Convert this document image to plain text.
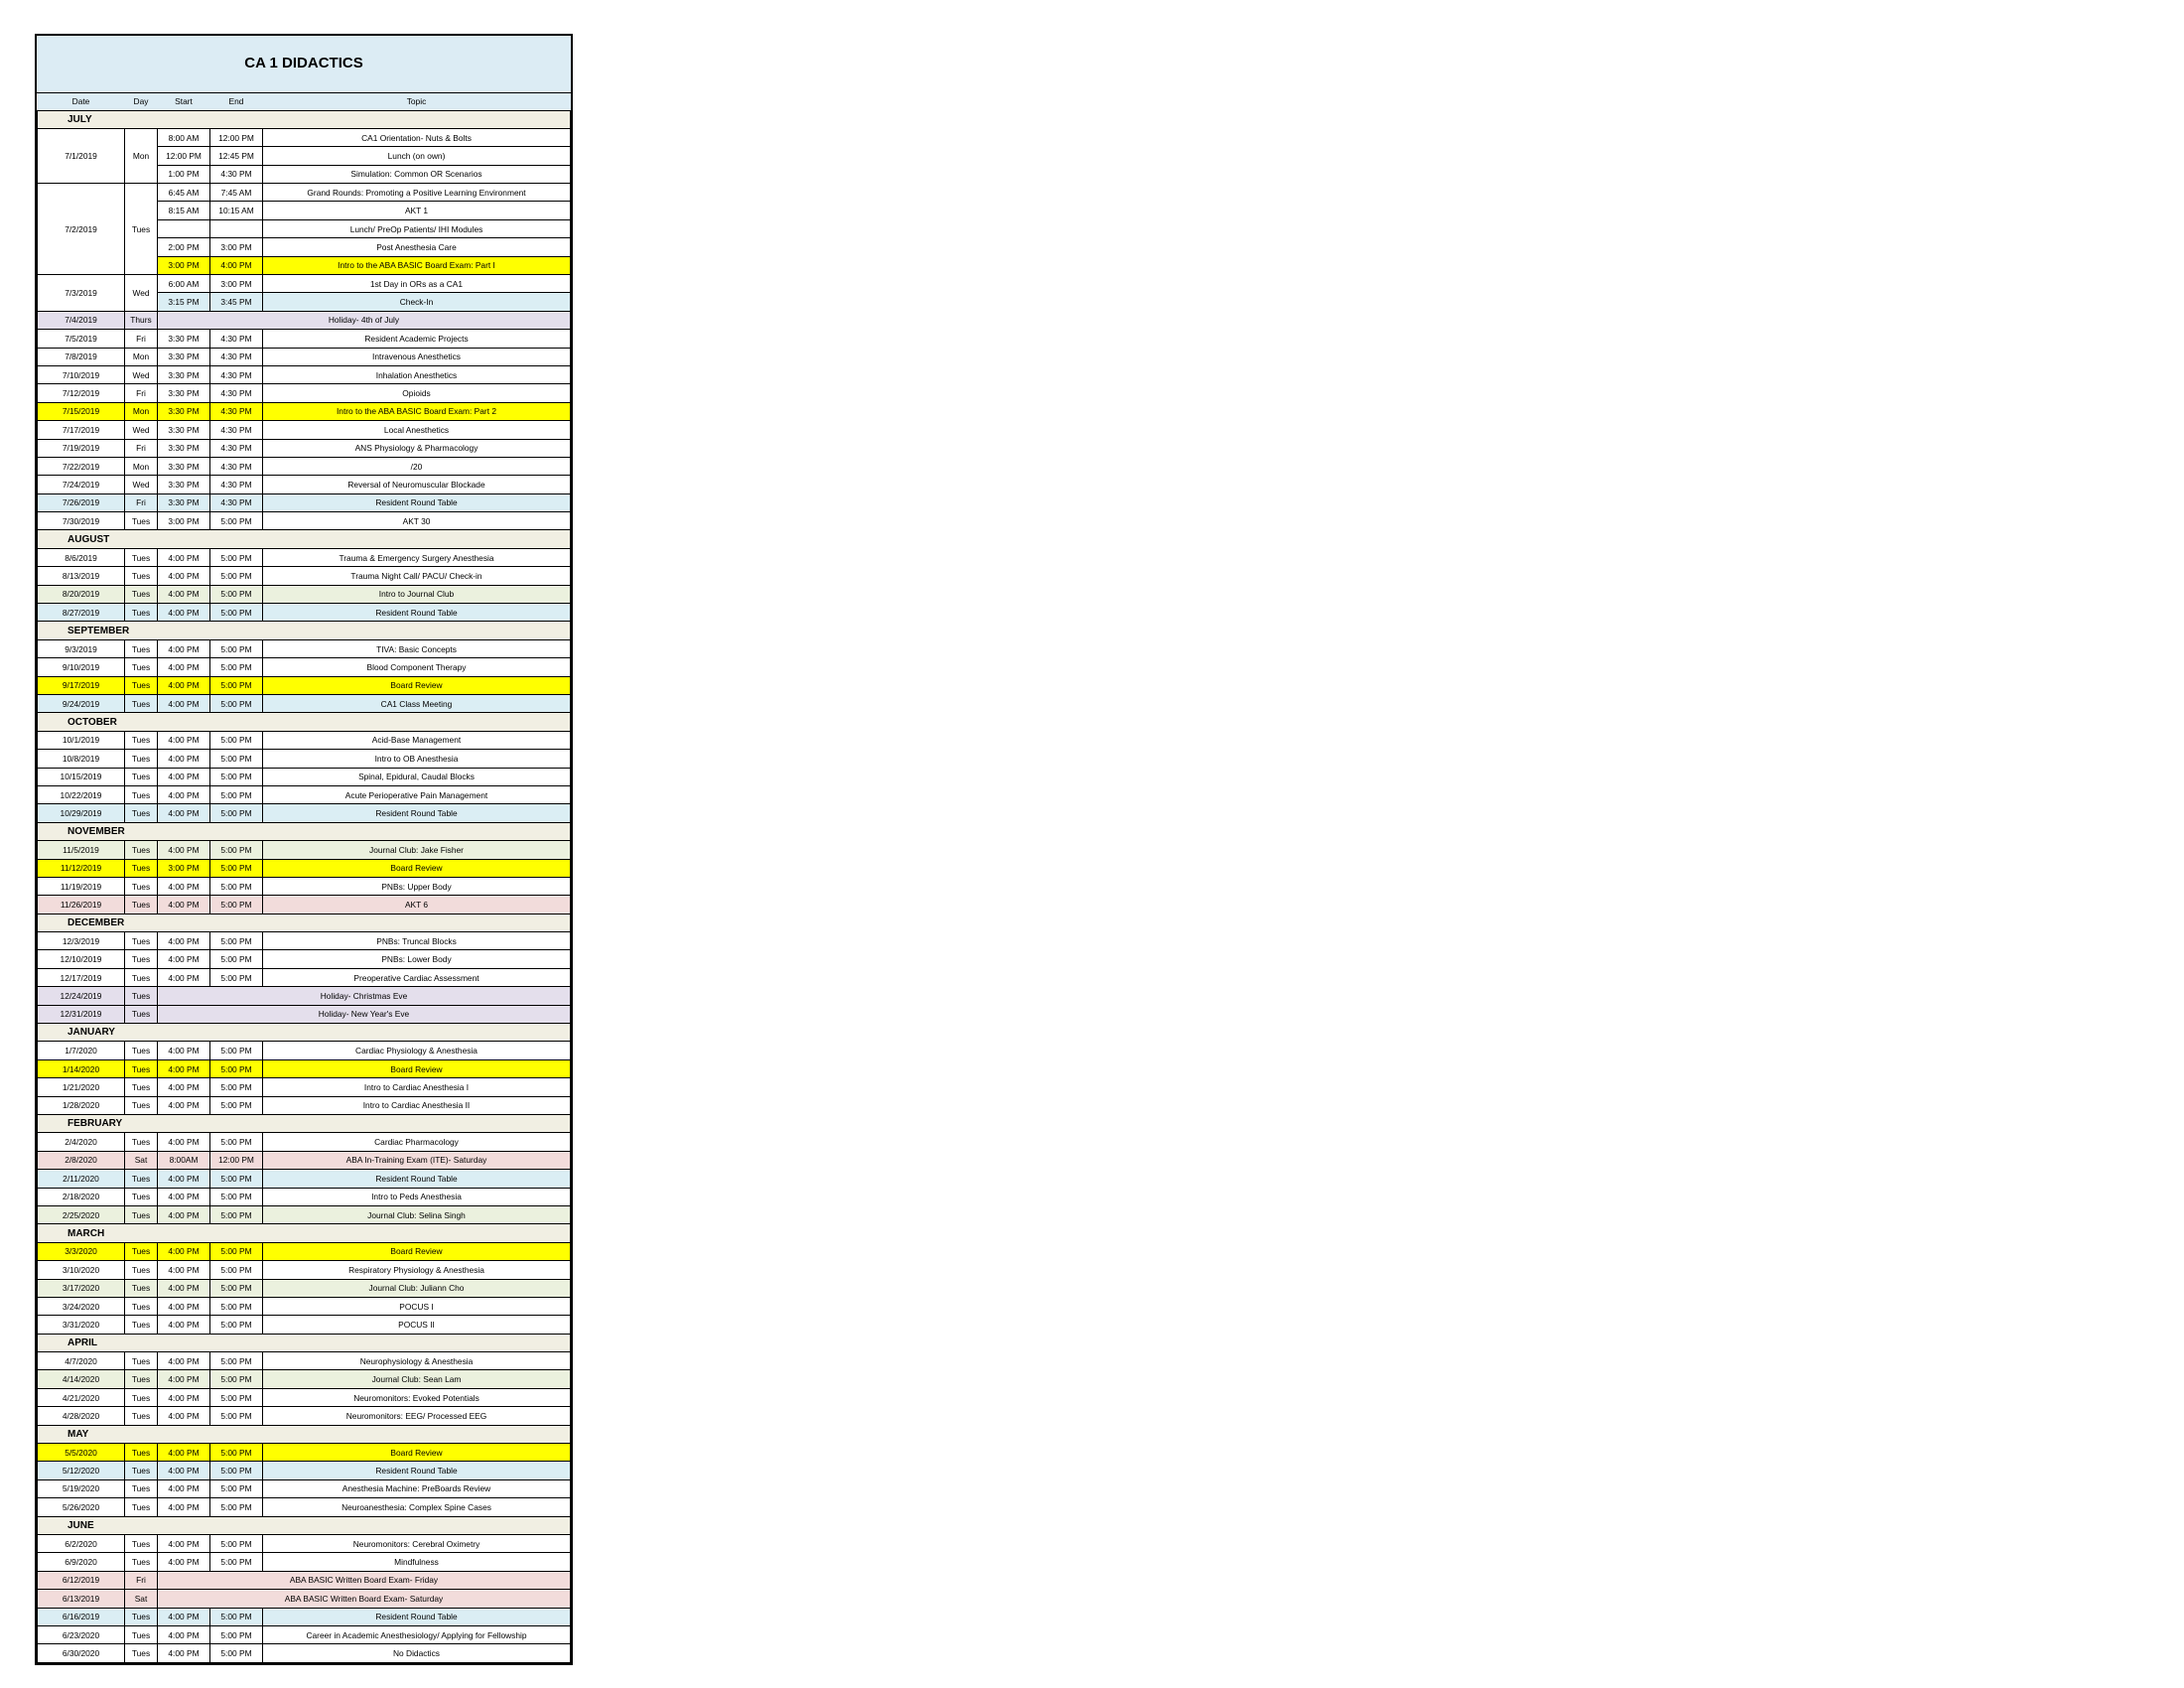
CA 1 DIDACTICS
Date	Day	Start	End	Topic
JULY				
7/1/2019	Mon	8:00 AM	12:00 PM	CA1 Orientation- Nuts & Bolts
		12:00 PM	12:45 PM	Lunch (on own)
		1:00 PM	4:30 PM	Simulation: Common OR Scenarios
7/2/2019	Tues	6:45 AM	7:45 AM	Grand Rounds: Promoting a Positive Learning Environment
		8:15 AM	10:15 AM	AKT 1
				Lunch/ PreOp Patients/ IHI Modules
		2:00 PM	3:00 PM	Post Anesthesia Care
		3:00 PM	4:00 PM	Intro to the ABA BASIC Board Exam: Part I
7/3/2019	Wed	6:00 AM	3:00 PM	1st Day in ORs as a CA1
		3:15 PM	3:45 PM	Check-In
7/4/2019	Thurs	Holiday- 4th of July		
7/5/2019	Fri	3:30 PM	4:30 PM	Resident Academic Projects
7/8/2019	Mon	3:30 PM	4:30 PM	Intravenous Anesthetics
7/10/2019	Wed	3:30 PM	4:30 PM	Inhalation Anesthetics
7/12/2019	Fri	3:30 PM	4:30 PM	Opioids
7/15/2019	Mon	3:30 PM	4:30 PM	Intro to the ABA BASIC Board Exam: Part 2
7/17/2019	Wed	3:30 PM	4:30 PM	Local Anesthetics
7/19/2019	Fri	3:30 PM	4:30 PM	ANS Physiology & Pharmacology
7/22/2019	Mon	3:30 PM	4:30 PM	/20
7/24/2019	Wed	3:30 PM	4:30 PM	Reversal of Neuromuscular Blockade
7/26/2019	Fri	3:30 PM	4:30 PM	Resident Round Table
7/30/2019	Tues	3:00 PM	5:00 PM	AKT 30
AUGUST				
8/6/2019	Tues	4:00 PM	5:00 PM	Trauma & Emergency Surgery Anesthesia
8/13/2019	Tues	4:00 PM	5:00 PM	Trauma Night Call/ PACU/ Check-in
8/20/2019	Tues	4:00 PM	5:00 PM	Intro to Journal Club
8/27/2019	Tues	4:00 PM	5:00 PM	Resident Round Table
SEPTEMBER				
9/3/2019	Tues	4:00 PM	5:00 PM	TIVA: Basic Concepts
9/10/2019	Tues	4:00 PM	5:00 PM	Blood Component Therapy
9/17/2019	Tues	4:00 PM	5:00 PM	Board Review
9/24/2019	Tues	4:00 PM	5:00 PM	CA1 Class Meeting
OCTOBER				
10/1/2019	Tues	4:00 PM	5:00 PM	Acid-Base Management
10/8/2019	Tues	4:00 PM	5:00 PM	Intro to OB Anesthesia
10/15/2019	Tues	4:00 PM	5:00 PM	Spinal, Epidural, Caudal Blocks
10/22/2019	Tues	4:00 PM	5:00 PM	Acute Perioperative Pain Management
10/29/2019	Tues	4:00 PM	5:00 PM	Resident Round Table
NOVEMBER				
11/5/2019	Tues	4:00 PM	5:00 PM	Journal Club: Jake Fisher
11/12/2019	Tues	3:00 PM	5:00 PM	Board Review
11/19/2019	Tues	4:00 PM	5:00 PM	PNBs: Upper Body
11/26/2019	Tues	4:00 PM	5:00 PM	AKT 6
DECEMBER				
12/3/2019	Tues	4:00 PM	5:00 PM	PNBs: Truncal Blocks
12/10/2019	Tues	4:00 PM	5:00 PM	PNBs: Lower Body
12/17/2019	Tues	4:00 PM	5:00 PM	Preoperative Cardiac Assessment
12/24/2019	Tues	Holiday- Christmas Eve		
12/31/2019	Tues	Holiday- New Year's Eve		
JANUARY				
1/7/2020	Tues	4:00 PM	5:00 PM	Cardiac Physiology & Anesthesia
1/14/2020	Tues	4:00 PM	5:00 PM	Board Review
1/21/2020	Tues	4:00 PM	5:00 PM	Intro to Cardiac Anesthesia I
1/28/2020	Tues	4:00 PM	5:00 PM	Intro to Cardiac Anesthesia II
FEBRUARY				
2/4/2020	Tues	4:00 PM	5:00 PM	Cardiac Pharmacology
2/8/2020	Sat	8:00AM	12:00 PM	ABA In-Training Exam (ITE)- Saturday
2/11/2020	Tues	4:00 PM	5:00 PM	Resident Round Table
2/18/2020	Tues	4:00 PM	5:00 PM	Intro to Peds Anesthesia
2/25/2020	Tues	4:00 PM	5:00 PM	Journal Club: Selina Singh
MARCH				
3/3/2020	Tues	4:00 PM	5:00 PM	Board Review
3/10/2020	Tues	4:00 PM	5:00 PM	Respiratory Physiology & Anesthesia
3/17/2020	Tues	4:00 PM	5:00 PM	Journal Club: Juliann Cho
3/24/2020	Tues	4:00 PM	5:00 PM	POCUS I
3/31/2020	Tues	4:00 PM	5:00 PM	POCUS II
APRIL				
4/7/2020	Tues	4:00 PM	5:00 PM	Neurophysiology & Anesthesia
4/14/2020	Tues	4:00 PM	5:00 PM	Journal Club: Sean Lam
4/21/2020	Tues	4:00 PM	5:00 PM	Neuromonitors: Evoked Potentials
4/28/2020	Tues	4:00 PM	5:00 PM	Neuromonitors: EEG/ Processed EEG
MAY				
5/5/2020	Tues	4:00 PM	5:00 PM	Board Review
5/12/2020	Tues	4:00 PM	5:00 PM	Resident Round Table
5/19/2020	Tues	4:00 PM	5:00 PM	Anesthesia Machine: PreBoards Review
5/26/2020	Tues	4:00 PM	5:00 PM	Neuroanesthesia: Complex Spine Cases
JUNE				
6/2/2020	Tues	4:00 PM	5:00 PM	Neuromonitors: Cerebral Oximetry
6/9/2020	Tues	4:00 PM	5:00 PM	Mindfulness
6/12/2019	Fri	ABA BASIC Written Board Exam- Friday		
6/13/2019	Sat	ABA BASIC Written Board Exam- Saturday		
6/16/2019	Tues	4:00 PM	5:00 PM	Resident Round Table
6/23/2020	Tues	4:00 PM	5:00 PM	Career in Academic Anesthesiology/ Applying for Fellowship
6/30/2020	Tues	4:00 PM	5:00 PM	No Didactics
